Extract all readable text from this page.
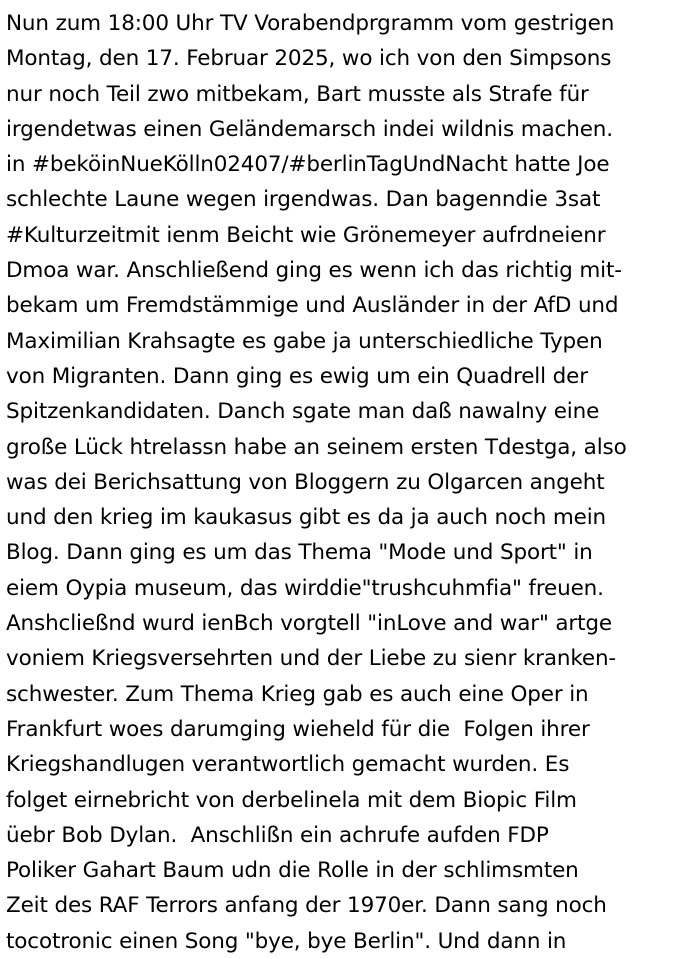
Nun zum 18:00 Uhr TV Vorabendprgramm vom gestrigen
Montag, den 17. Februar 2025, wo ich von den Simpsons
nur noch Teil zwo mitbekam, Bart musste als Strafe für
irgendetwas einen Geländemarsch indei wildnis machen.
in #beköinNueKölln02407/#berlinTagUndNacht hatte Joe
schlechte Laune wegen irgendwas. Dan bagenndie 3sat
#Kulturzeitmit ienm Beicht wie Grönemeyer aufrdneienr
Dmoa war. Anschließend ging es wenn ich das richtig mit-
bekam um Fremdstämmige und Ausländer in der AfD und
Maximilian Krahsagte es gabe ja unterschiedliche Typen
von Migranten. Dann ging es ewig um ein Quadrell der
Spitzenkandidaten. Danch sgate man daß nawalny eine
große Lück htrelassn habe an seinem ersten Tdestga, also
was dei Berichsattung von Bloggern zu Olgarcen angeht
und den krieg im kaukasus gibt es da ja auch noch mein
Blog. Dann ging es um das Thema "Mode und Sport" in
eiem Oypia museum, das wirddie"trushcuhmfia" freuen.
Anshcließnd wurd ienBch vorgtell "inLove and war" artge
voniem Kriegsversehrten und der Liebe zu sienr kranken-
schwester. Zum Thema Krieg gab es auch eine Oper in
Frankfurt woes darumging wieheld für die  Folgen ihrer
Kriegshandlugen verantwortlich gemacht wurden. Es
folget eirnebricht von derbelinela mit dem Biopic Film
üebr Bob Dylan.  Anschlißn ein achrufe aufden FDP
Poliker Gahart Baum udn die Rolle in der schlimsmten
Zeit des RAF Terrors anfang der 1970er. Dann sang noch
tocotronic einen Song "bye, bye Berlin". Und dann in
